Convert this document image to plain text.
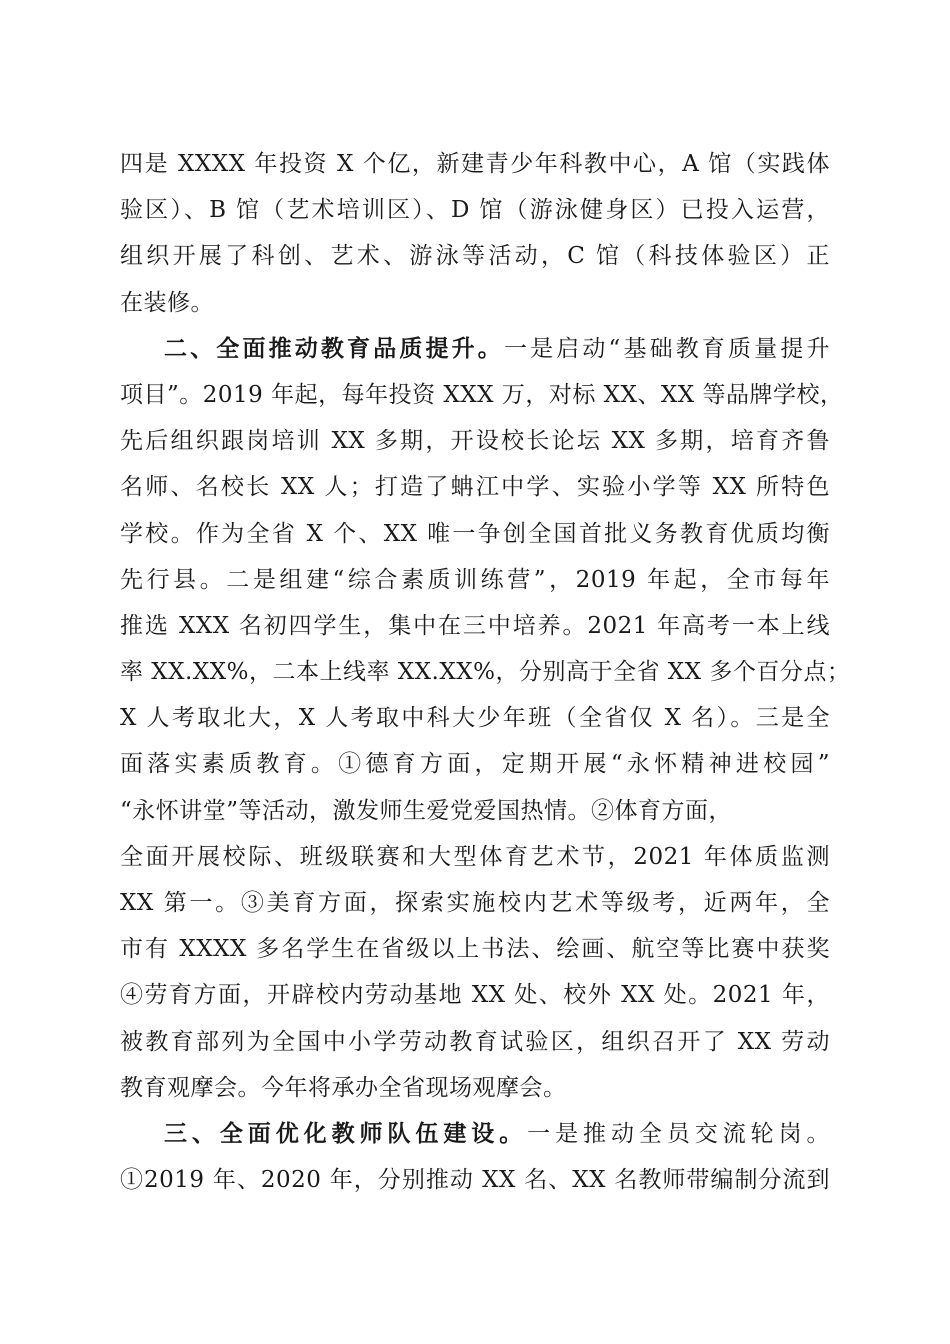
四是 XXXX 年投资 X 个亿，新建青少年科教中心，A 馆（实践体
验区）、B 馆（艺术培训区）、D 馆（游泳健身区）已投入运营，
组织开展了科创、艺术、游泳等活动，C 馆（科技体验区）正
在装修。
二、全面推动教育品质提升。一是启动“基础教育质量提升
项目”。2019 年起，每年投资 XXX 万，对标 XX、XX 等品牌学校，
先后组织跟岗培训 XX 多期，开设校长论坛 XX 多期，培育齐鲁
名师、名校长 XX 人；打造了蚺江中学、实验小学等 XX 所特色
学校。作为全省 X 个、XX 唯一争创全国首批义务教育优质均衡
先行县。二是组建“综合素质训练营”，2019 年起，全市每年
推选 XXX 名初四学生，集中在三中培养。2021 年高考一本上线
率 XX.XX%，二本上线率 XX.XX%，分别高于全省 XX 多个百分点；
X 人考取北大，X 人考取中科大少年班（全省仅 X 名）。三是全
面落实素质教育。①德育方面，定期开展“永怀精神进校园”
“永怀讲堂”等活动，激发师生爱党爱国热情。②体育方面，
全面开展校际、班级联赛和大型体育艺术节，2021 年体质监测
XX 第一。③美育方面，探索实施校内艺术等级考，近两年，全
市有 XXXX 多名学生在省级以上书法、绘画、航空等比赛中获奖
④劳育方面，开辟校内劳动基地 XX 处、校外 XX 处。2021 年，
被教育部列为全国中小学劳动教育试验区，组织召开了 XX 劳动
教育观摩会。今年将承办全省现场观摩会。
三、全面优化教师队伍建设。一是推动全员交流轮岗。
①2019 年、2020 年，分别推动 XX 名、XX 名教师带编制分流到
